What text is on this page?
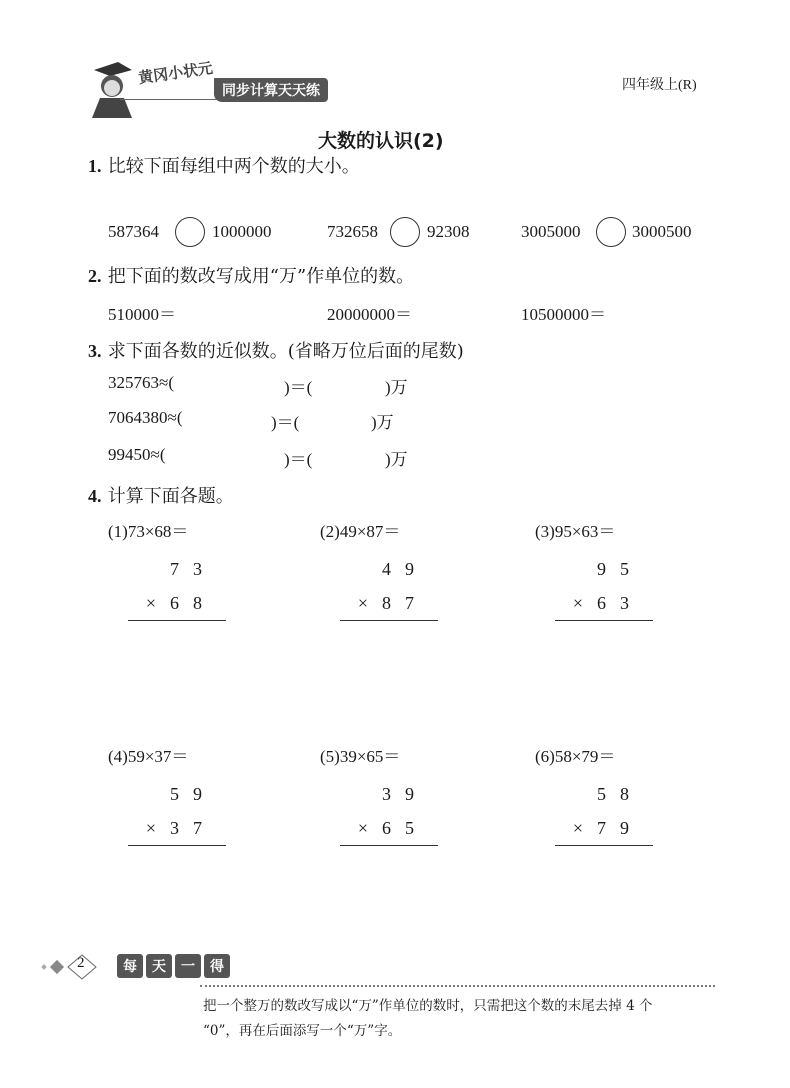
黄冈小状元
同步计算天天练	四年级上(R)
大数的认识(2)
1. 比较下面每组中两个数的大小。
587364	1000000	732658	92308	3005000	3000500
2. 把下面的数改写成用“万”作单位的数。
510000＝	20000000＝	10500000＝
3. 求下面各数的近似数。(省略万位后面的尾数)
325763≈(	)＝(	)万
7064380≈(	)＝(	)万
99450≈(	)＝(	)万
4. 计算下面各题。
(1)73×68＝
73
×68
(2)49×87＝
49
×87
(3)95×63＝
95
×63
(4)59×37＝
59
×37
(5)39×65＝
39
×65
(6)58×79＝
58
×79
2	每	天	一	得
把一个整万的数改写成以“万”作单位的数时，只需把这个数的末尾去掉 4 个
“0”，再在后面添写一个“万”字。
